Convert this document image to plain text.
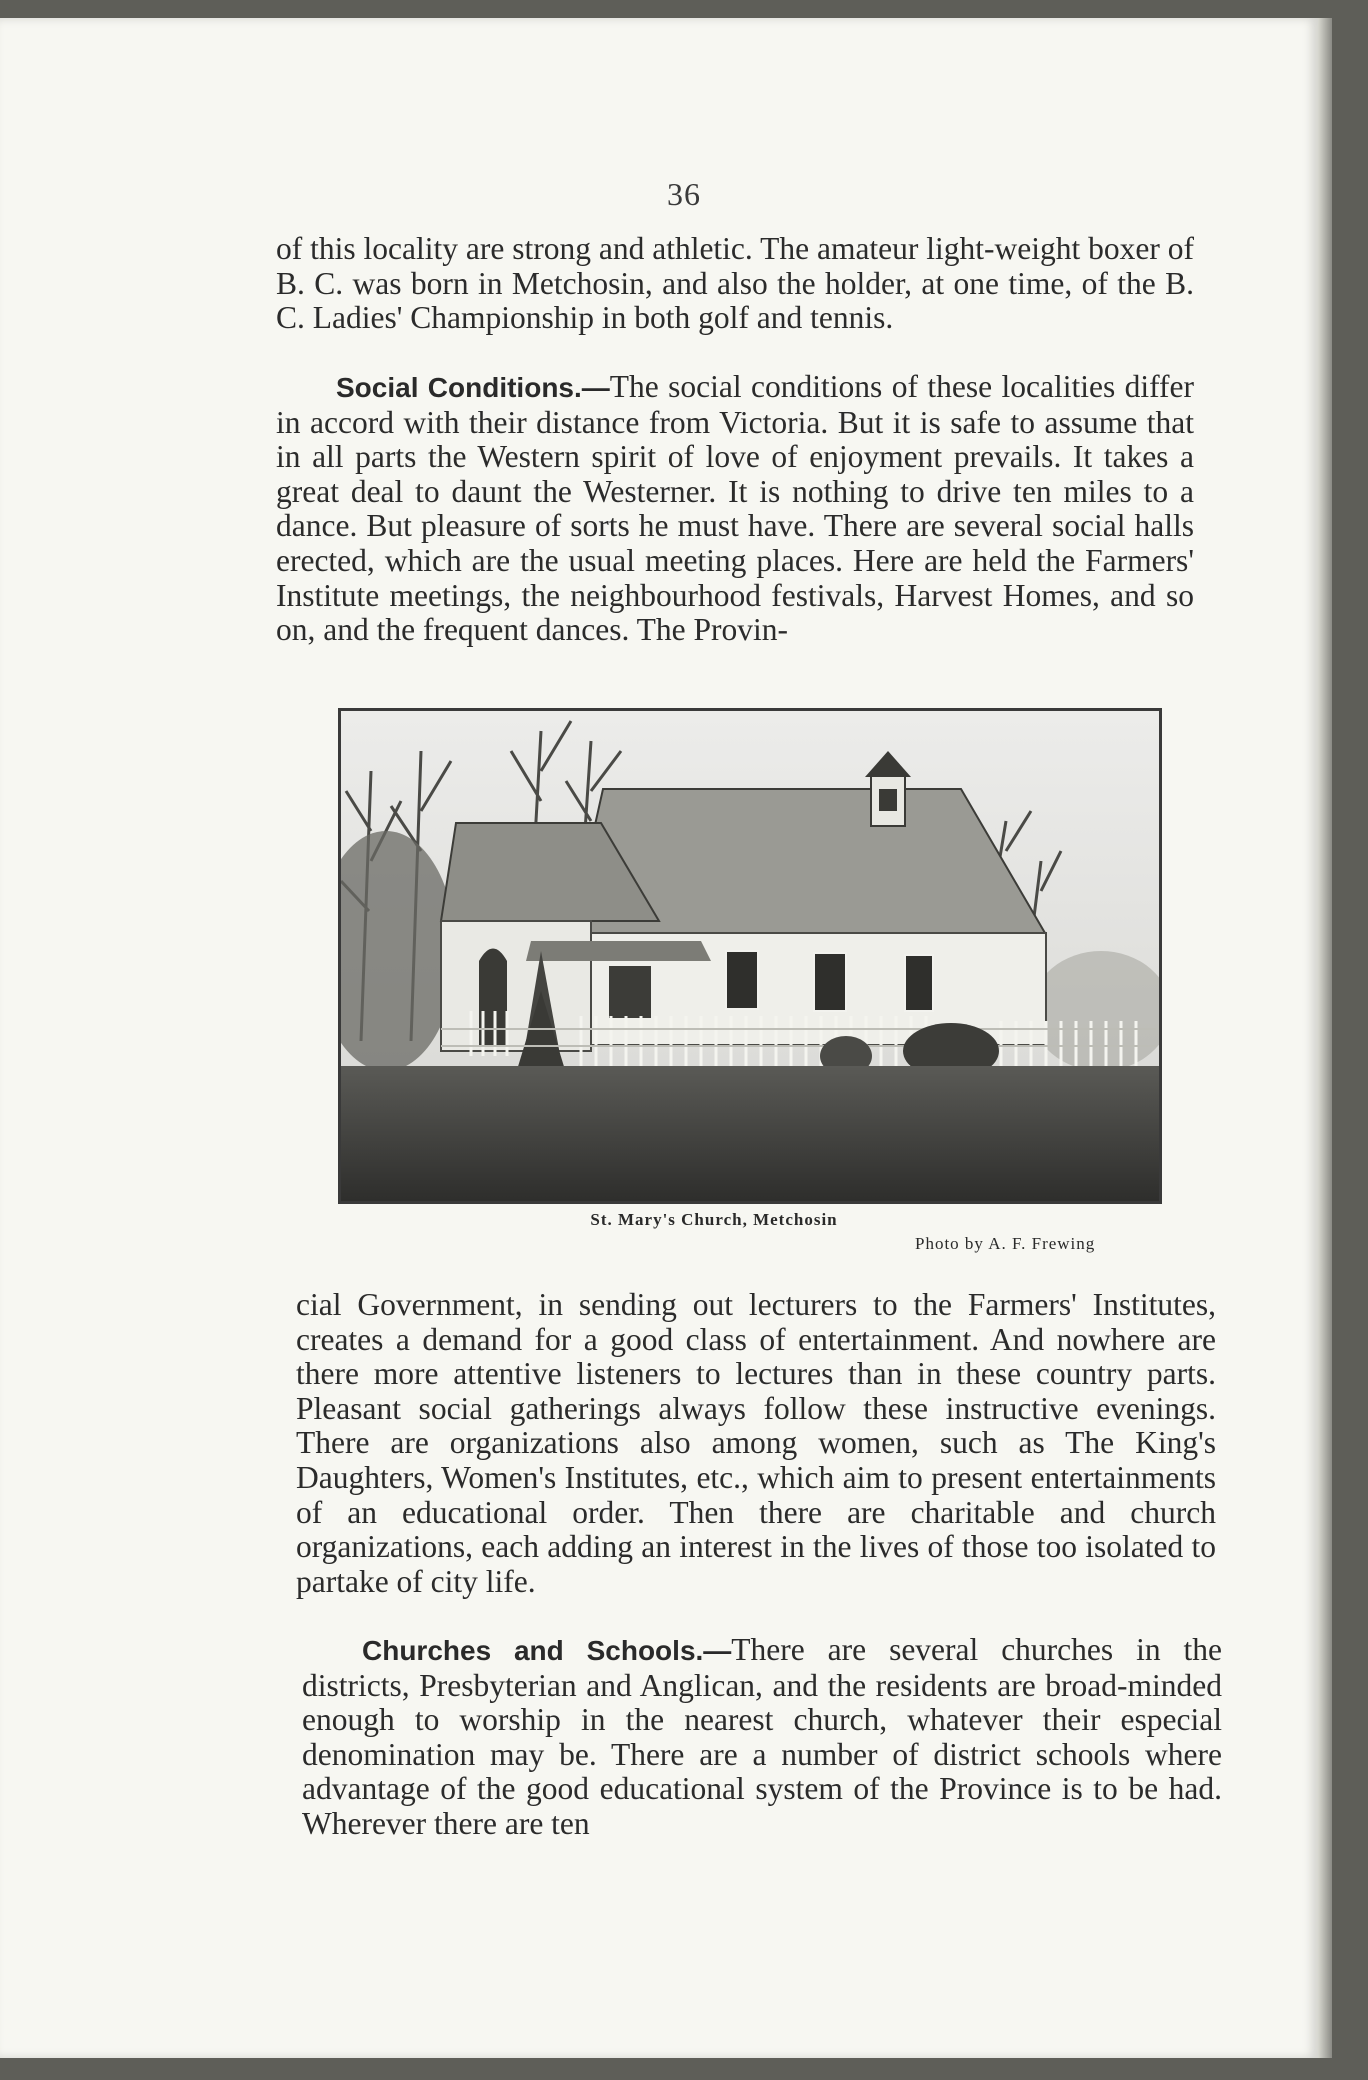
36

of this locality are strong and athletic. The amateur light-weight boxer of B. C. was born in Metchosin, and also the holder, at one time, of the B. C. Ladies' Championship in both golf and tennis.

Social Conditions.—The social conditions of these localities differ in accord with their distance from Victoria. But it is safe to assume that in all parts the Western spirit of love of enjoyment prevails. It takes a great deal to daunt the Westerner. It is nothing to drive ten miles to a dance. But pleasure of sorts he must have. There are several social halls erected, which are the usual meeting places. Here are held the Farmers' Institute meetings, the neighbourhood festivals, Harvest Homes, and so on, and the frequent dances. The Provin-

St. Mary's Church, Metchosin
Photo by A. F. Frewing

cial Government, in sending out lecturers to the Farmers' Institutes, creates a demand for a good class of entertainment. And nowhere are there more attentive listeners to lectures than in these country parts. Pleasant social gatherings always follow these instructive evenings. There are organizations also among women, such as The King's Daughters, Women's Institutes, etc., which aim to present entertainments of an educational order. Then there are charitable and church organizations, each adding an interest in the lives of those too isolated to partake of city life.

Churches and Schools.—There are several churches in the districts, Presbyterian and Anglican, and the residents are broad-minded enough to worship in the nearest church, whatever their especial denomination may be. There are a number of district schools where advantage of the good educational system of the Province is to be had. Wherever there are ten
